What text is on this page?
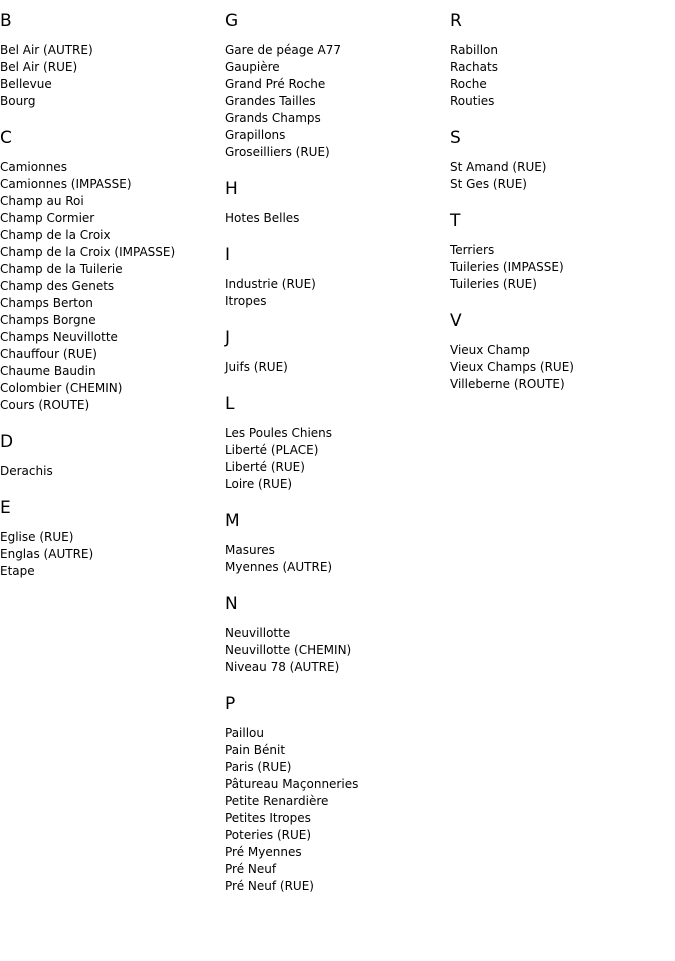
B
Bel Air (AUTRE)
Bel Air (RUE)
Bellevue
Bourg
C
Camionnes
Camionnes (IMPASSE)
Champ au Roi
Champ Cormier
Champ de la Croix
Champ de la Croix (IMPASSE)
Champ de la Tuilerie
Champ des Genets
Champs Berton
Champs Borgne
Champs Neuvillotte
Chauffour (RUE)
Chaume Baudin
Colombier (CHEMIN)
Cours (ROUTE)
D
Derachis
E
Eglise (RUE)
Englas (AUTRE)
Etape
G
Gare de péage A77
Gaupière
Grand Pré Roche
Grandes Tailles
Grands Champs
Grapillons
Groseilliers (RUE)
H
Hotes Belles
I
Industrie (RUE)
Itropes
J
Juifs (RUE)
L
Les Poules Chiens
Liberté (PLACE)
Liberté (RUE)
Loire (RUE)
M
Masures
Myennes (AUTRE)
N
Neuvillotte
Neuvillotte (CHEMIN)
Niveau 78 (AUTRE)
P
Paillou
Pain Bénit
Paris (RUE)
Pâtureau Maçonneries
Petite Renardière
Petites Itropes
Poteries (RUE)
Pré Myennes
Pré Neuf
Pré Neuf (RUE)
R
Rabillon
Rachats
Roche
Routies
S
St Amand (RUE)
St Ges (RUE)
T
Terriers
Tuileries (IMPASSE)
Tuileries (RUE)
V
Vieux Champ
Vieux Champs (RUE)
Villeberne (ROUTE)
